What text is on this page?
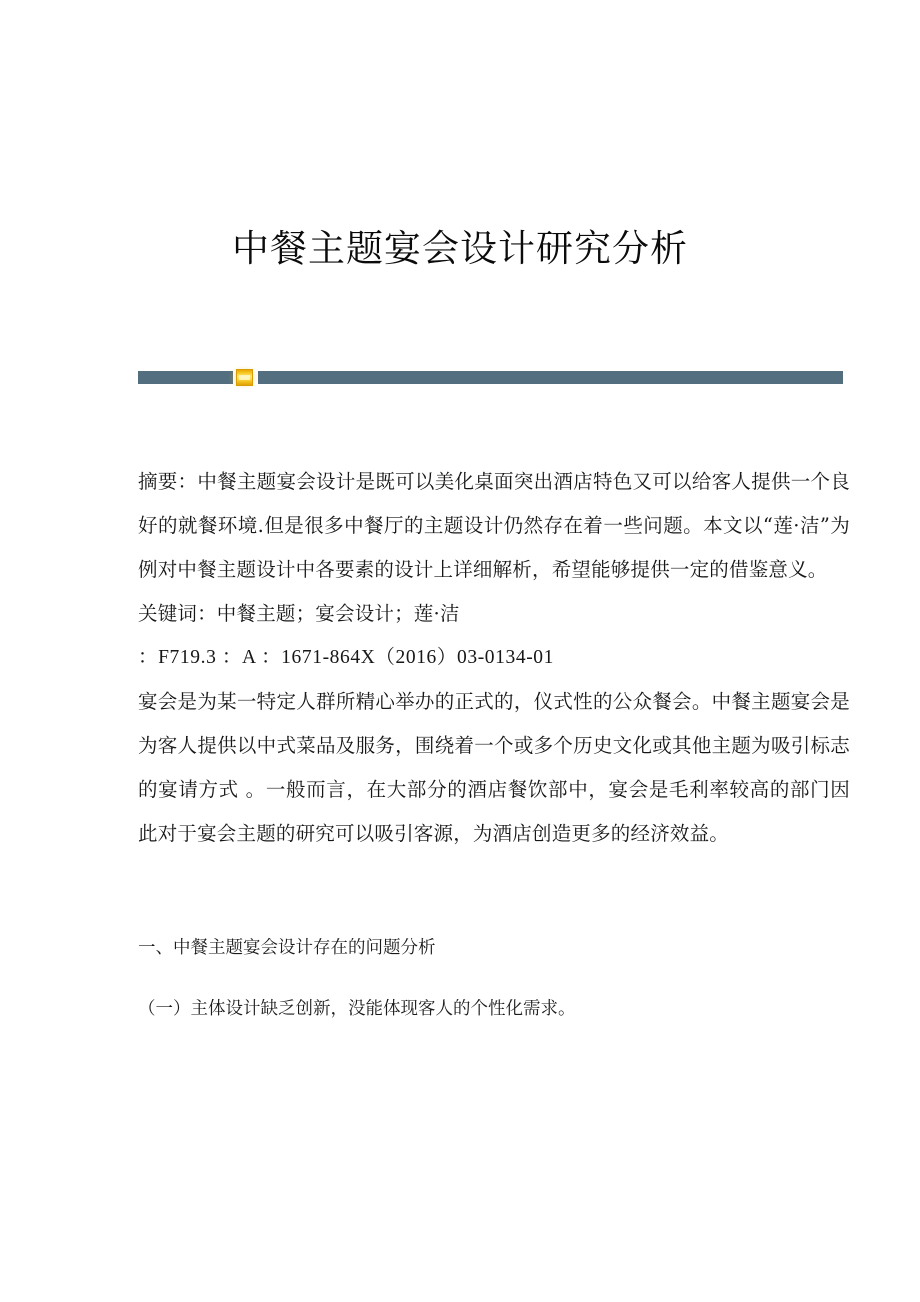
中餐主题宴会设计研究分析

摘要：中餐主题宴会设计是既可以美化桌面突出酒店特色又可以给客人提供一个良好的就餐环境.但是很多中餐厅的主题设计仍然存在着一些问题。本文以“莲·洁”为例对中餐主题设计中各要素的设计上详细解析，希望能够提供一定的借鉴意义。

关键词：中餐主题；宴会设计；莲·洁

：F719.3 ：A ：1671-864X（2016）03-0134-01

宴会是为某一特定人群所精心举办的正式的，仪式性的公众餐会。中餐主题宴会是为客人提供以中式菜品及服务，围绕着一个或多个历史文化或其他主题为吸引标志的宴请方式 。一般而言，在大部分的酒店餐饮部中，宴会是毛利率较高的部门因此对于宴会主题的研究可以吸引客源，为酒店创造更多的经济效益。

一、中餐主题宴会设计存在的问题分析

（一）主体设计缺乏创新，没能体现客人的个性化需求。
